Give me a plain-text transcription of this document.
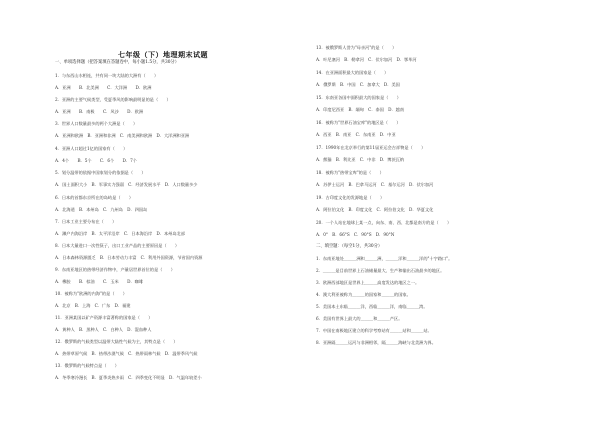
七年级（下）地理期末试题
一、单项选择题（把答案填在答题卷中，每小题1.5分，共30分）
1．与东西山水相连，共有同一块大陆的大洲有（　　）
A．亚洲　　B．北美洲　　C．大洋洲　　D．欧洲
2．亚洲的主要气候类型，受夏季风的影响最明显的是（　　）
A．亚洲　　B．南极　　C．风沙　　D．欧洲
3．世界人口数量最多的两个大洲是（　　）
A．亚洲和欧洲　B．亚洲和非洲　C．南美洲和欧洲　D．大洋洲和亚洲
4．亚洲人口超过1亿的国家有（　　）
A．4个　　B．5个　　C．6个　　D．7个
5．划分温带的依据中国家划分的依据是（　　）
A．国土面积大小　B．军事实力强弱　C．经济发展水平　D．人口数量多少
6．日本的首都东京所在的岛屿是（　　）
A．北海道　B．本州岛　C．九州岛　D．四国岛
7．日本工业主要分布在（　　）
A．濑户内海沿岸　B．太平洋沿岸　C．日本海沿岸　D．本州岛北部
8．日本大量进口一次性筷子，出口工业产品的主要原因是（　　）
A．日本森林资源匮乏　B．日本劳动力丰富　C．利用外国资源，节省国内资源
9．东南亚地区的热带经济作物中，产量居世界首位的是（　　）
A．橡胶　　B．棕油　　C．玉米　　D．咖啡
10．被称为"欧洲的内海"的是（　　）
A．北京　B．上海　C．广东　D．福建
11．亚洲某国以矿产资源丰富著称的国家是（　　）
A．黄种人　B．黑种人　C．白种人　D．混血种人
12．俄罗斯的气候类型以温带大陆性气候为主，其特点是（　　）
A．热带草原气候　B．热带沙漠气候　C．热带雨林气候　D．温带季风气候
13．俄罗斯的气候特点是（　　）
A．冬季寒冷漫长　B．夏季炎热多雨　C．四季变化不明显　D．气温年较差小
13．被俄罗斯人誉为"母亲河"的是（　　）
A．叶尼塞河　B．勒拿河　C．伏尔加河　D．鄂毕河
14．在亚洲面积最大的国家是（　　）
A．俄罗斯　B．中国　C．加拿大　D．美国
15．东南亚各国中面积最大的国家是（　　）
A．印度尼西亚　B．缅甸　C．泰国　D．越南
16．被称为"世界石油宝库"的地区是（　　）
A．西亚　B．南亚　C．东南亚　D．中亚
17．1990年在北京举行的第11届亚运会吉祥物是（　　）
A．熊猫　B．利比亚　C．中非　D．博茨瓦纳
18．被称为"热带宝库"的是（　　）
A．苏伊士运河　B．巴拿马运河　C．基尔运河　D．伏尔加河
19．古印度文化的发源地是（　　）
A．阿拉伯文化　B．印度文化　C．阿拉伯文化　D．华夏文化
20．一个人站在地球上某一点，向东、南、西、北都是南方的是（　　）
A．0°　B．66°S　C．90°S　D．90°N
二、填空题：（每空1分，共30分）
1．东南亚地处＿＿＿洲和＿＿＿洲，＿＿＿洋和＿＿＿洋的"十字路口"。
2．＿＿＿是目前世界上石油储量最大、生产和输出石油最多的地区。
3．欧洲西部地区是世界上＿＿＿高度发达的地区之一。
4．澳大利亚被称为＿＿＿的国家和＿＿＿的国家。
5．美国本土东临＿＿＿洋，西临＿＿＿洋，南临＿＿＿湾。
6．美国有世界上最大的＿＿＿和＿＿＿产区。
7．中国在南极地区建立的科学考察站有＿＿＿站和＿＿＿站。
8．亚洲隔＿＿＿运河与非洲相邻，隔＿＿＿海峡与北美洲为界。
